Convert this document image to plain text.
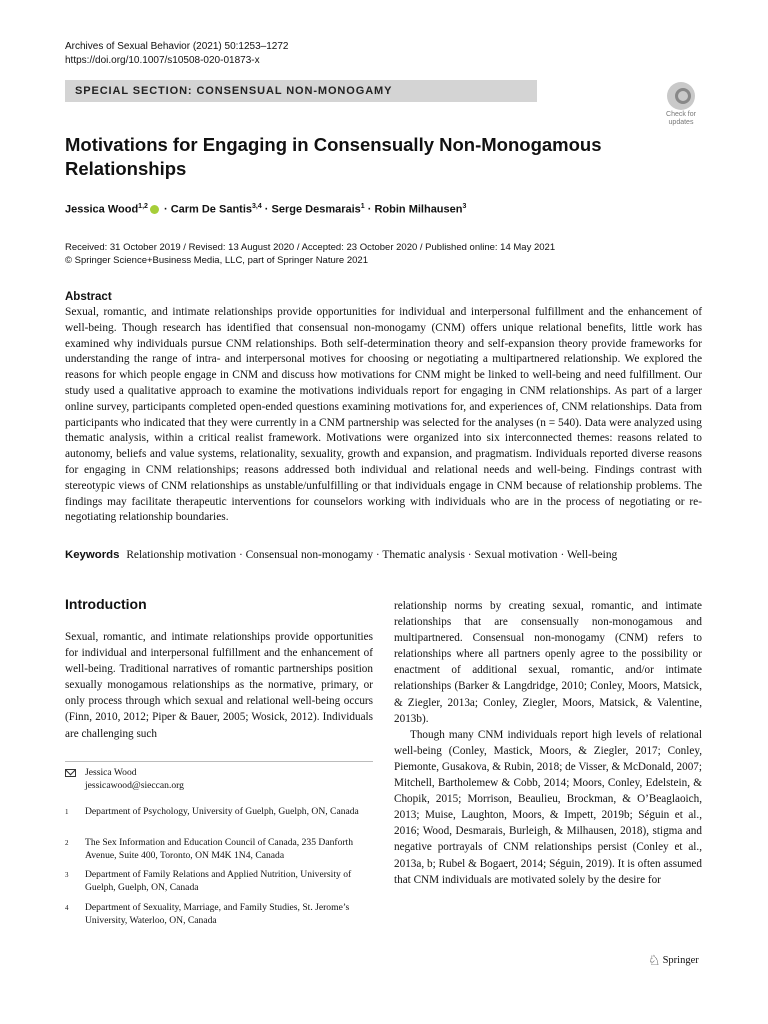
Archives of Sexual Behavior (2021) 50:1253–1272
https://doi.org/10.1007/s10508-020-01873-x
SPECIAL SECTION: CONSENSUAL NON-MONOGAMY
Check for updates
Motivations for Engaging in Consensually Non-Monogamous Relationships
Jessica Wood$^{1,2}$ · Carm De Santis$^{3,4}$ · Serge Desmarais$^1$ · Robin Milhausen$^3$
Received: 31 October 2019 / Revised: 13 August 2020 / Accepted: 23 October 2020 / Published online: 14 May 2021
© Springer Science+Business Media, LLC, part of Springer Nature 2021
Abstract
Sexual, romantic, and intimate relationships provide opportunities for individual and interpersonal fulfillment and the enhancement of well-being. Though research has identified that consensual non-monogamy (CNM) offers unique relational benefits, little work has examined why individuals pursue CNM relationships. Both self-determination theory and self-expansion theory provide frameworks for understanding the range of intra- and interpersonal motives for choosing or negotiating a multipartnered relationship. We explored the reasons for which people engage in CNM and discuss how motivations for CNM might be linked to well-being and need fulfillment. Our study used a qualitative approach to examine the motivations individuals report for engaging in CNM relationships. As part of a larger online survey, participants completed open-ended questions examining motivations for, and experiences of, CNM relationships. Data from participants who indicated that they were currently in a CNM partnership was selected for the analyses (n = 540). Data were analyzed using thematic analysis, within a critical realist framework. Motivations were organized into six interconnected themes: reasons related to autonomy, beliefs and value systems, relationality, sexuality, growth and expansion, and pragmatism. Individuals reported diverse reasons for engaging in CNM relationships; reasons addressed both individual and relational needs and well-being. Findings contrast with stereotypic views of CNM relationships as unstable/unfulfilling or that individuals engage in CNM because of relationship problems. The findings may facilitate therapeutic interventions for counselors working with individuals who are in the process of negotiating or re-negotiating relationship boundaries.
Keywords Relationship motivation · Consensual non-monogamy · Thematic analysis · Sexual motivation · Well-being
Introduction
Sexual, romantic, and intimate relationships provide opportunities for individual and interpersonal fulfillment and the enhancement of well-being. Traditional narratives of romantic partnerships position sexually monogamous relationships as the normative, primary, or only process through which sexual and relational well-being occurs (Finn, 2010, 2012; Piper & Bauer, 2005; Wosick, 2012). Individuals are challenging such
relationship norms by creating sexual, romantic, and intimate relationships that are consensually non-monogamous and multipartnered. Consensual non-monogamy (CNM) refers to relationships where all partners openly agree to the possibility or enactment of additional sexual, romantic, and/or intimate relationships (Barker & Langdridge, 2010; Conley, Moors, Matsick, & Ziegler, 2013a; Conley, Ziegler, Moors, Matsick, & Valentine, 2013b).
Though many CNM individuals report high levels of relational well-being (Conley, Mastick, Moors, & Ziegler, 2017; Conley, Piemonte, Gusakova, & Rubin, 2018; de Visser, & McDonald, 2007; Mitchell, Bartholemew & Cobb, 2014; Moors, Conley, Edelstein, & Chopik, 2015; Morrison, Beaulieu, Brockman, & O’Beaglaoich, 2013; Muise, Laughton, Moors, & Impett, 2019b; Séguin et al., 2016; Wood, Desmarais, Burleigh, & Milhausen, 2018), stigma and negative portrayals of CNM relationships persist (Conley et al., 2013a, b; Rubel & Bogaert, 2014; Séguin, 2019). It is often assumed that CNM individuals are motivated solely by the desire for
Jessica Wood
jessicawood@sieccan.org
1 Department of Psychology, University of Guelph, Guelph, ON, Canada
2 The Sex Information and Education Council of Canada, 235 Danforth Avenue, Suite 400, Toronto, ON M4K 1N4, Canada
3 Department of Family Relations and Applied Nutrition, University of Guelph, Guelph, ON, Canada
4 Department of Sexuality, Marriage, and Family Studies, St. Jerome’s University, Waterloo, ON, Canada
♘ Springer
